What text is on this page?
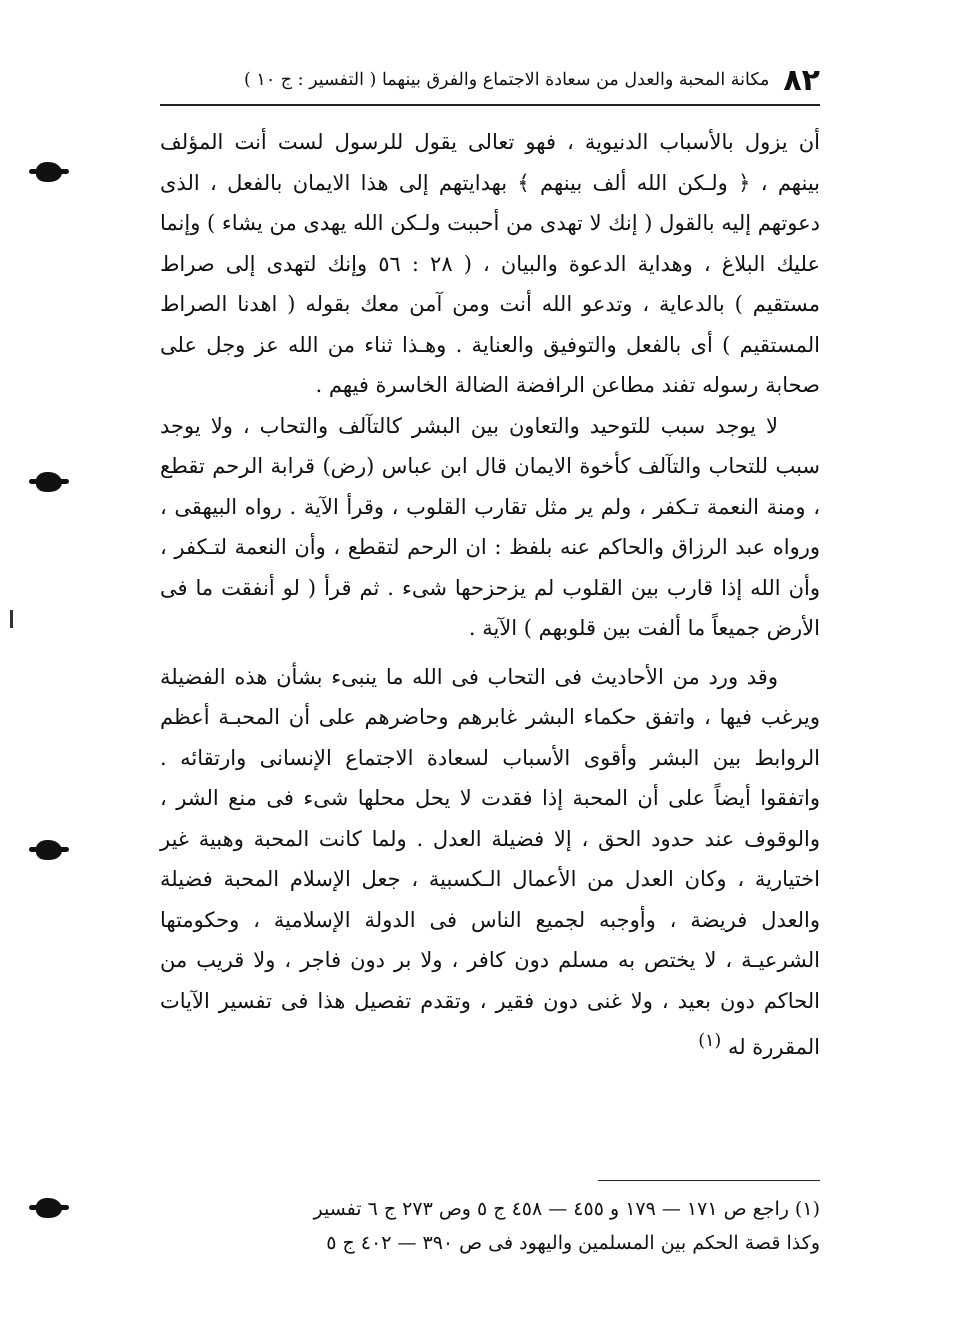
٨٢
مكانة المحبة والعدل من سعادة الاجتماع والفرق بينهما ( التفسير : ج ١٠ )

أن يزول بالأسباب الدنيوية ، فهو تعالى يقول للرسول لست أنت المؤلف بينهم ، ﴿ ولـكن الله ألف بينهم ﴾ بهدايتهم إلى هذا الايمان بالفعل ، الذى دعوتهم إليه بالقول ( إنك لا تهدى من أحببت ولـكن الله يهدى من يشاء ) وإنما عليك البلاغ ، وهداية الدعوة والبيان ، ( ٢٨ : ٥٦ وإنك لتهدى إلى صراط مستقيم ) بالدعاية ، وتدعو الله أنت ومن آمن معك بقوله ( اهدنا الصراط المستقيم ) أى بالفعل والتوفيق والعناية . وهـذا ثناء من الله عز وجل على صحابة رسوله تفند مطاعن الرافضة الضالة الخاسرة فيهم .

لا يوجد سبب للتوحيد والتعاون بين البشر كالتآلف والتحاب ، ولا يوجد سبب للتحاب والتآلف كأخوة الايمان قال ابن عباس (رض) قرابة الرحم تقطع ، ومنة النعمة تـكفر ، ولم ير مثل تقارب القلوب ، وقرأ الآية . رواه البيهقى ، ورواه عبد الرزاق والحاكم عنه بلفظ : ان الرحم لتقطع ، وأن النعمة لتـكفر ، وأن الله إذا قارب بين القلوب لم يزحزحها شىء . ثم قرأ ( لو أنفقت ما فى الأرض جميعاً ما ألفت بين قلوبهم ) الآية .

وقد ورد من الأحاديث فى التحاب فى الله ما ينبىء بشأن هذه الفضيلة ويرغب فيها ، واتفق حكماء البشر غابرهم وحاضرهم على أن المحبـة أعظم الروابط بين البشر وأقوى الأسباب لسعادة الاجتماع الإنسانى وارتقائه . واتفقوا أيضاً على أن المحبة إذا فقدت لا يحل محلها شىء فى منع الشر ، والوقوف عند حدود الحق ، إلا فضيلة العدل . ولما كانت المحبة وهبية غير اختيارية ، وكان العدل من الأعمال الـكسبية ، جعل الإسلام المحبة فضيلة والعدل فريضة ، وأوجبه لجميع الناس فى الدولة الإسلامية ، وحكومتها الشرعيـة ، لا يختص به مسلم دون كافر ، ولا بر دون فاجر ، ولا قريب من الحاكم دون بعيد ، ولا غنى دون فقير ، وتقدم تفصيل هذا فى تفسير الآيات المقررة له $^{(١)}$

(١) راجع ص ١٧١ — ١٧٩ و ٤٥٥ — ٤٥٨ ج ٥ وص ٢٧٣ ج ٦ تفسير

وكذا قصة الحكم بين المسلمين واليهود فى ص ٣٩٠ — ٤٠٢ ج ٥
